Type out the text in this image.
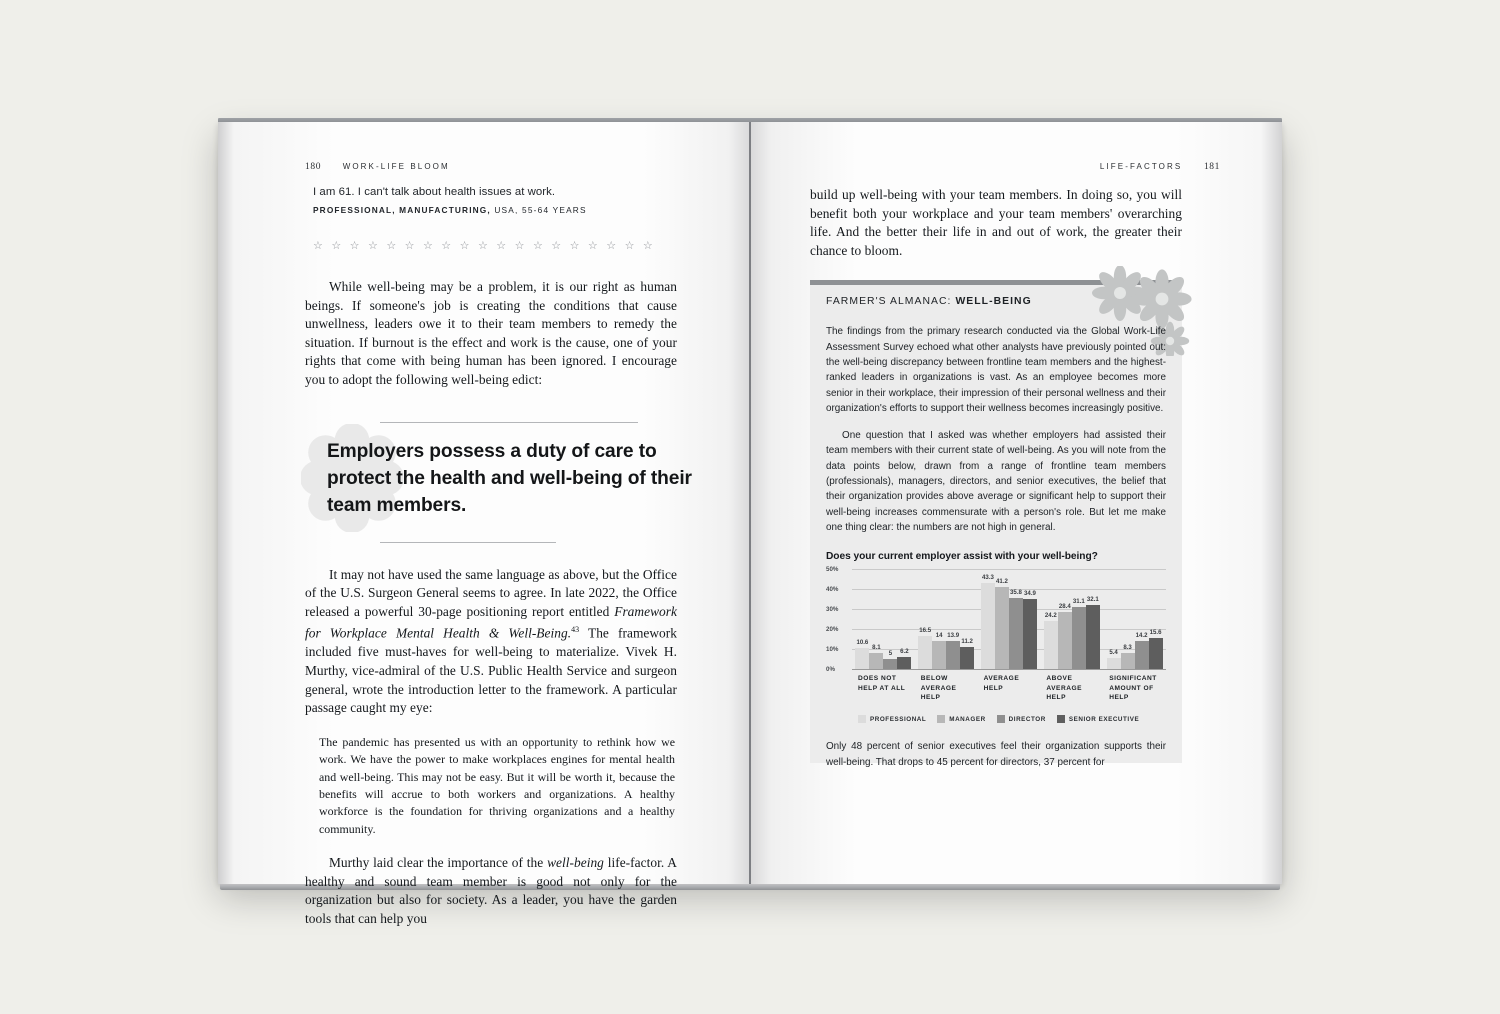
180	WORK-LIFE BLOOM

I am 61. I can't talk about health issues at work.

PROFESSIONAL, MANUFACTURING, USA, 55-64 YEARS

☆ ☆ ☆ ☆ ☆ ☆ ☆ ☆ ☆ ☆ ☆ ☆ ☆ ☆ ☆ ☆ ☆ ☆ ☆

While well-being may be a problem, it is our right as human beings. If someone's job is creating the conditions that cause unwellness, leaders owe it to their team members to remedy the situation. If burnout is the effect and work is the cause, one of your rights that come with being human has been ignored. I encourage you to adopt the following well-being edict:

Employers possess a duty of care to protect the health and well-being of their team members.

It may not have used the same language as above, but the Office of the U.S. Surgeon General seems to agree. In late 2022, the Office released a powerful 30-page positioning report entitled Framework for Workplace Mental Health & Well-Being.$^{43}$ The framework included five must-haves for well-being to materialize. Vivek H. Murthy, vice-admiral of the U.S. Public Health Service and surgeon general, wrote the introduction letter to the framework. A particular passage caught my eye:

The pandemic has presented us with an opportunity to rethink how we work. We have the power to make workplaces engines for mental health and well-being. This may not be easy. But it will be worth it, because the benefits will accrue to both workers and organizations. A healthy workforce is the foundation for thriving organizations and a healthy community.

Murthy laid clear the importance of the well-being life-factor. A healthy and sound team member is good not only for the organization but also for society. As a leader, you have the garden tools that can help you

LIFE-FACTORS 181

build up well-being with your team members. In doing so, you will benefit both your workplace and your team members' overarching life. And the better their life in and out of work, the greater their chance to bloom.

FARMER'S ALMANAC: WELL-BEING

The findings from the primary research conducted via the Global Work-Life Assessment Survey echoed what other analysts have previously pointed out: the well-being discrepancy between frontline team members and the highest-ranked leaders in organizations is vast. As an employee becomes more senior in their workplace, their impression of their personal wellness and their organization's efforts to support their wellness becomes increasingly positive.

One question that I asked was whether employers had assisted their team members with their current state of well-being. As you will note from the data points below, drawn from a range of frontline team members (professionals), managers, directors, and senior executives, the belief that their organization provides above average or significant help to support their well-being increases commensurate with a person's role. But let me make one thing clear: the numbers are not high in general.

Does your current employer assist with your well-being?

0%
10%
20%
30%
40%
50%
10.6
8.1
5 6.2
16.5
14 13.9
11.2
43.3
41.2
35.8 34.9
24.2
28.4
31.1 32.1
5.4
8.3
14.2 15.6
DOES NOT HELP AT ALL
BELOW AVERAGE HELP
AVERAGE HELP
ABOVE AVERAGE HELP
SIGNIFICANT AMOUNT OF HELP
PROFESSIONAL	MANAGER	DIRECTOR	SENIOR EXECUTIVE

Only 48 percent of senior executives feel their organization supports their well-being. That drops to 45 percent for directors, 37 percent for
